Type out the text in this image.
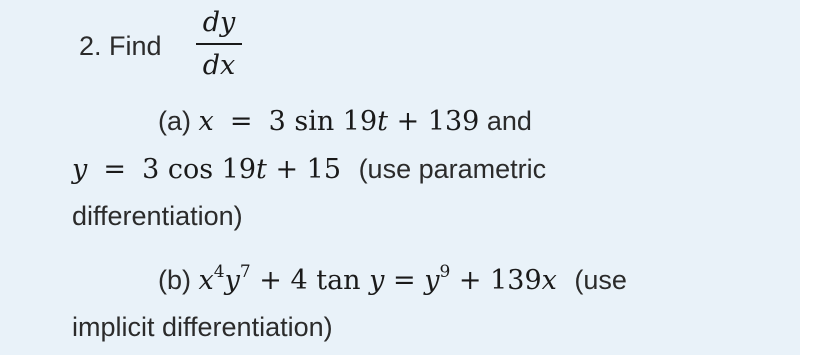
2. Find
dy
dx
(a) x  =  3 sin 19t + 139 and
y  =  3 cos 19t + 15 (use parametric
differentiation)
(b) $x^4y^7 + 4$ $\tan y = y^9 + 139x$ (use
implicit differentiation)
